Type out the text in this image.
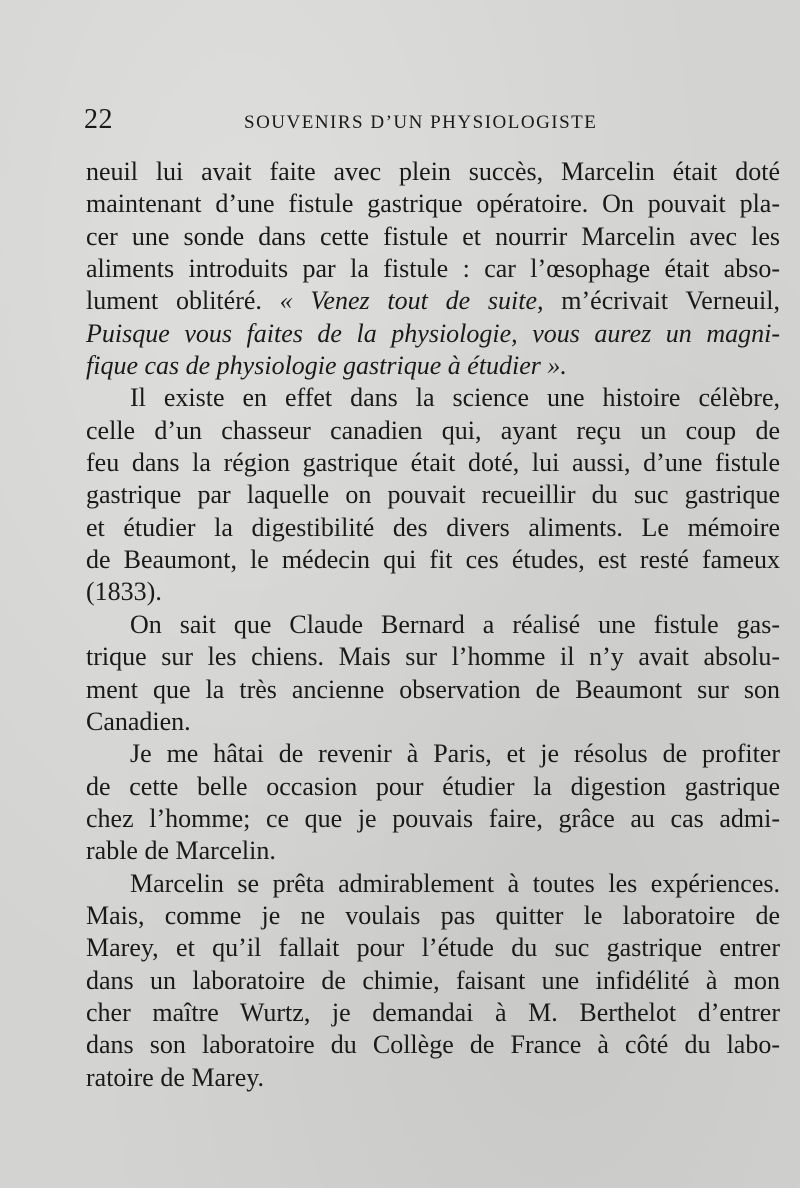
22	SOUVENIRS D’UN PHYSIOLOGISTE
neuil lui avait faite avec plein succès, Marcelin était doté
maintenant d’une fistule gastrique opératoire. On pouvait pla-
cer une sonde dans cette fistule et nourrir Marcelin avec les
aliments introduits par la fistule : car l’œsophage était abso-
lument oblitéré. « Venez tout de suite, m’écrivait Verneuil,
Puisque vous faites de la physiologie, vous aurez un magni-
fique cas de physiologie gastrique à étudier ».
Il existe en effet dans la science une histoire célèbre,
celle d’un chasseur canadien qui, ayant reçu un coup de
feu dans la région gastrique était doté, lui aussi, d’une fistule
gastrique par laquelle on pouvait recueillir du suc gastrique
et étudier la digestibilité des divers aliments. Le mémoire
de Beaumont, le médecin qui fit ces études, est resté fameux
(1833).
On sait que Claude Bernard a réalisé une fistule gas-
trique sur les chiens. Mais sur l’homme il n’y avait absolu-
ment que la très ancienne observation de Beaumont sur son
Canadien.
Je me hâtai de revenir à Paris, et je résolus de profiter
de cette belle occasion pour étudier la digestion gastrique
chez l’homme; ce que je pouvais faire, grâce au cas admi-
rable de Marcelin.
Marcelin se prêta admirablement à toutes les expériences.
Mais, comme je ne voulais pas quitter le laboratoire de
Marey, et qu’il fallait pour l’étude du suc gastrique entrer
dans un laboratoire de chimie, faisant une infidélité à mon
cher maître Wurtz, je demandai à M. Berthelot d’entrer
dans son laboratoire du Collège de France à côté du labo-
ratoire de Marey.
